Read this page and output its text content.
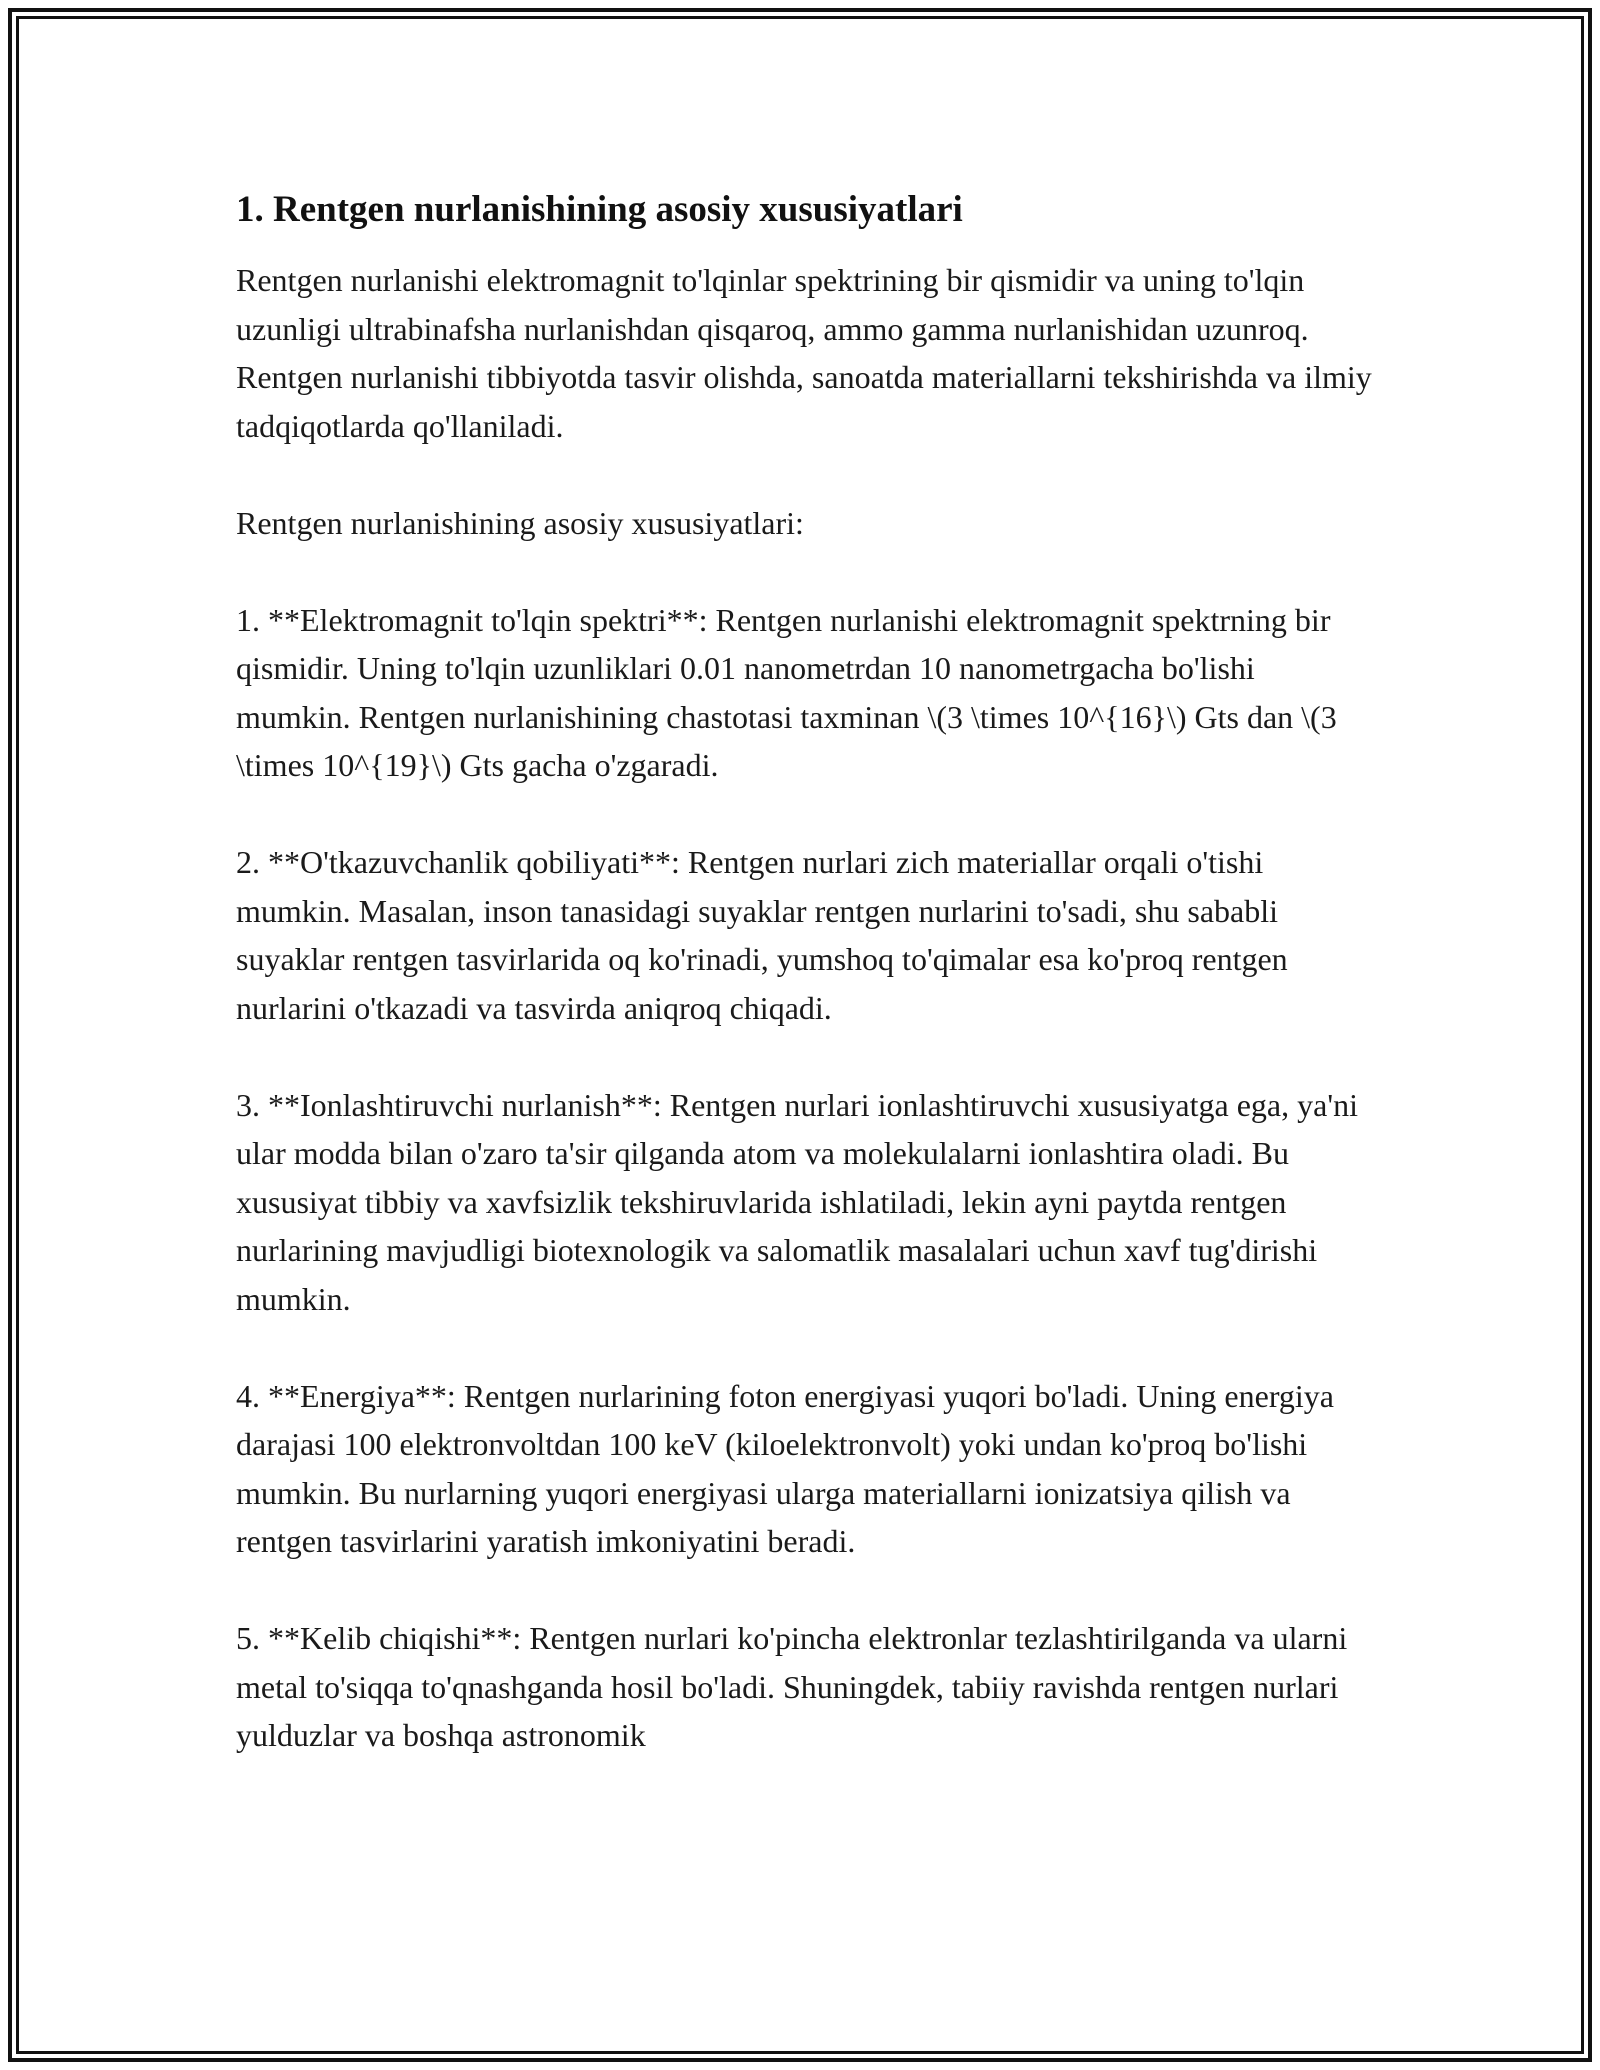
1. Rentgen nurlanishining asosiy xususiyatlari

Rentgen nurlanishi elektromagnit to'lqinlar spektrining bir qismidir va uning to'lqin uzunligi ultrabinafsha nurlanishdan qisqaroq, ammo gamma nurlanishidan uzunroq. Rentgen nurlanishi tibbiyotda tasvir olishda, sanoatda materiallarni tekshirishda va ilmiy tadqiqotlarda qo'llaniladi.

Rentgen nurlanishining asosiy xususiyatlari:

1. **Elektromagnit to'lqin spektri**: Rentgen nurlanishi elektromagnit spektrning bir qismidir. Uning to'lqin uzunliklari 0.01 nanometrdan 10 nanometrgacha bo'lishi mumkin. Rentgen nurlanishining chastotasi taxminan \(3 \times 10^{16}\) Gts dan \(3 \times 10^{19}\) Gts gacha o'zgaradi.

2. **O'tkazuvchanlik qobiliyati**: Rentgen nurlari zich materiallar orqali o'tishi mumkin. Masalan, inson tanasidagi suyaklar rentgen nurlarini to'sadi, shu sababli suyaklar rentgen tasvirlarida oq ko'rinadi, yumshoq to'qimalar esa ko'proq rentgen nurlarini o'tkazadi va tasvirda aniqroq chiqadi.

3. **Ionlashtiruvchi nurlanish**: Rentgen nurlari ionlashtiruvchi xususiyatga ega, ya'ni ular modda bilan o'zaro ta'sir qilganda atom va molekulalarni ionlashtira oladi. Bu xususiyat tibbiy va xavfsizlik tekshiruvlarida ishlatiladi, lekin ayni paytda rentgen nurlarining mavjudligi biotexnologik va salomatlik masalalari uchun xavf tug'dirishi mumkin.

4. **Energiya**: Rentgen nurlarining foton energiyasi yuqori bo'ladi. Uning energiya darajasi 100 elektronvoltdan 100 keV (kiloelektronvolt) yoki undan ko'proq bo'lishi mumkin. Bu nurlarning yuqori energiyasi ularga materiallarni ionizatsiya qilish va rentgen tasvirlarini yaratish imkoniyatini beradi.

5. **Kelib chiqishi**: Rentgen nurlari ko'pincha elektronlar tezlashtirilganda va ularni metal to'siqqa to'qnashganda hosil bo'ladi. Shuningdek, tabiiy ravishda rentgen nurlari yulduzlar va boshqa astronomik
